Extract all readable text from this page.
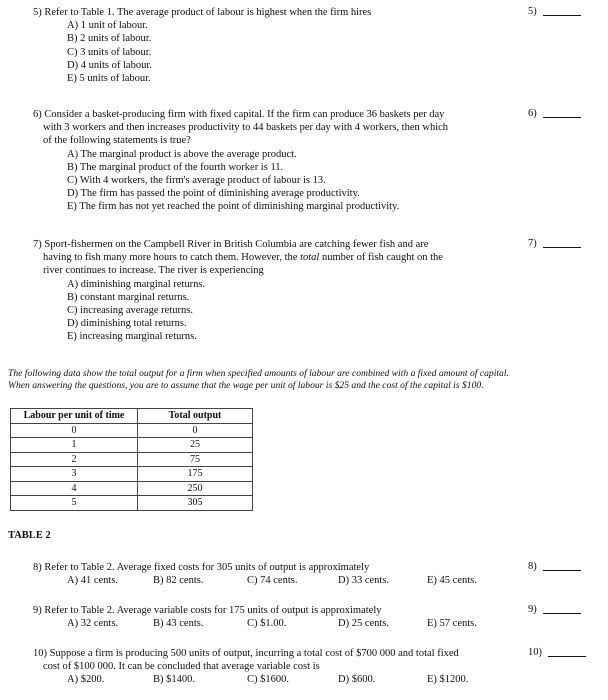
5) Refer to Table 1. The average product of labour is highest when the firm hires
A) 1 unit of labour.
B) 2 units of labour.
C) 3 units of labour.
D) 4 units of labour.
E) 5 units of labour.
5)
6) Consider a basket-producing firm with fixed capital. If the firm can produce 36 baskets per day
with 3 workers and then increases productivity to 44 baskets per day with 4 workers, then which
of the following statements is true?
A) The marginal product is above the average product.
B) The marginal product of the fourth worker is 11.
C) With 4 workers, the firm's average product of labour is 13.
D) The firm has passed the point of diminishing average productivity.
E) The firm has not yet reached the point of diminishing marginal productivity.
6)
7) Sport-fishermen on the Campbell River in British Columbia are catching fewer fish and are
having to fish many more hours to catch them. However, the total number of fish caught on the
river continues to increase. The river is experiencing
A) diminishing marginal returns.
B) constant marginal returns.
C) increasing average returns.
D) diminishing total returns.
E) increasing marginal returns.
7)
The following data show the total output for a firm when specified amounts of labour are combined with a fixed amount of capital.
When answering the questions, you are to assume that the wage per unit of labour is $25 and the cost of the capital is $100.
Labour per unit of time	Total output
0	0
1	25
2	75
3	175
4	250
5	305
TABLE 2
8) Refer to Table 2. Average fixed costs for 305 units of output is approximately
A) 41 cents.	B) 82 cents.	C) 74 cents.	D) 33 cents.	E) 45 cents.
8)
9) Refer to Table 2. Average variable costs for 175 units of output is approximately
A) 32 cents.	B) 43 cents.	C) $1.00.	D) 25 cents.	E) 57 cents.
9)
10) Suppose a firm is producing 500 units of output, incurring a total cost of $700 000 and total fixed
cost of $100 000. It can be concluded that average variable cost is
A) $200.	B) $1400.	C) $1600.	D) $600.	E) $1200.
10)
